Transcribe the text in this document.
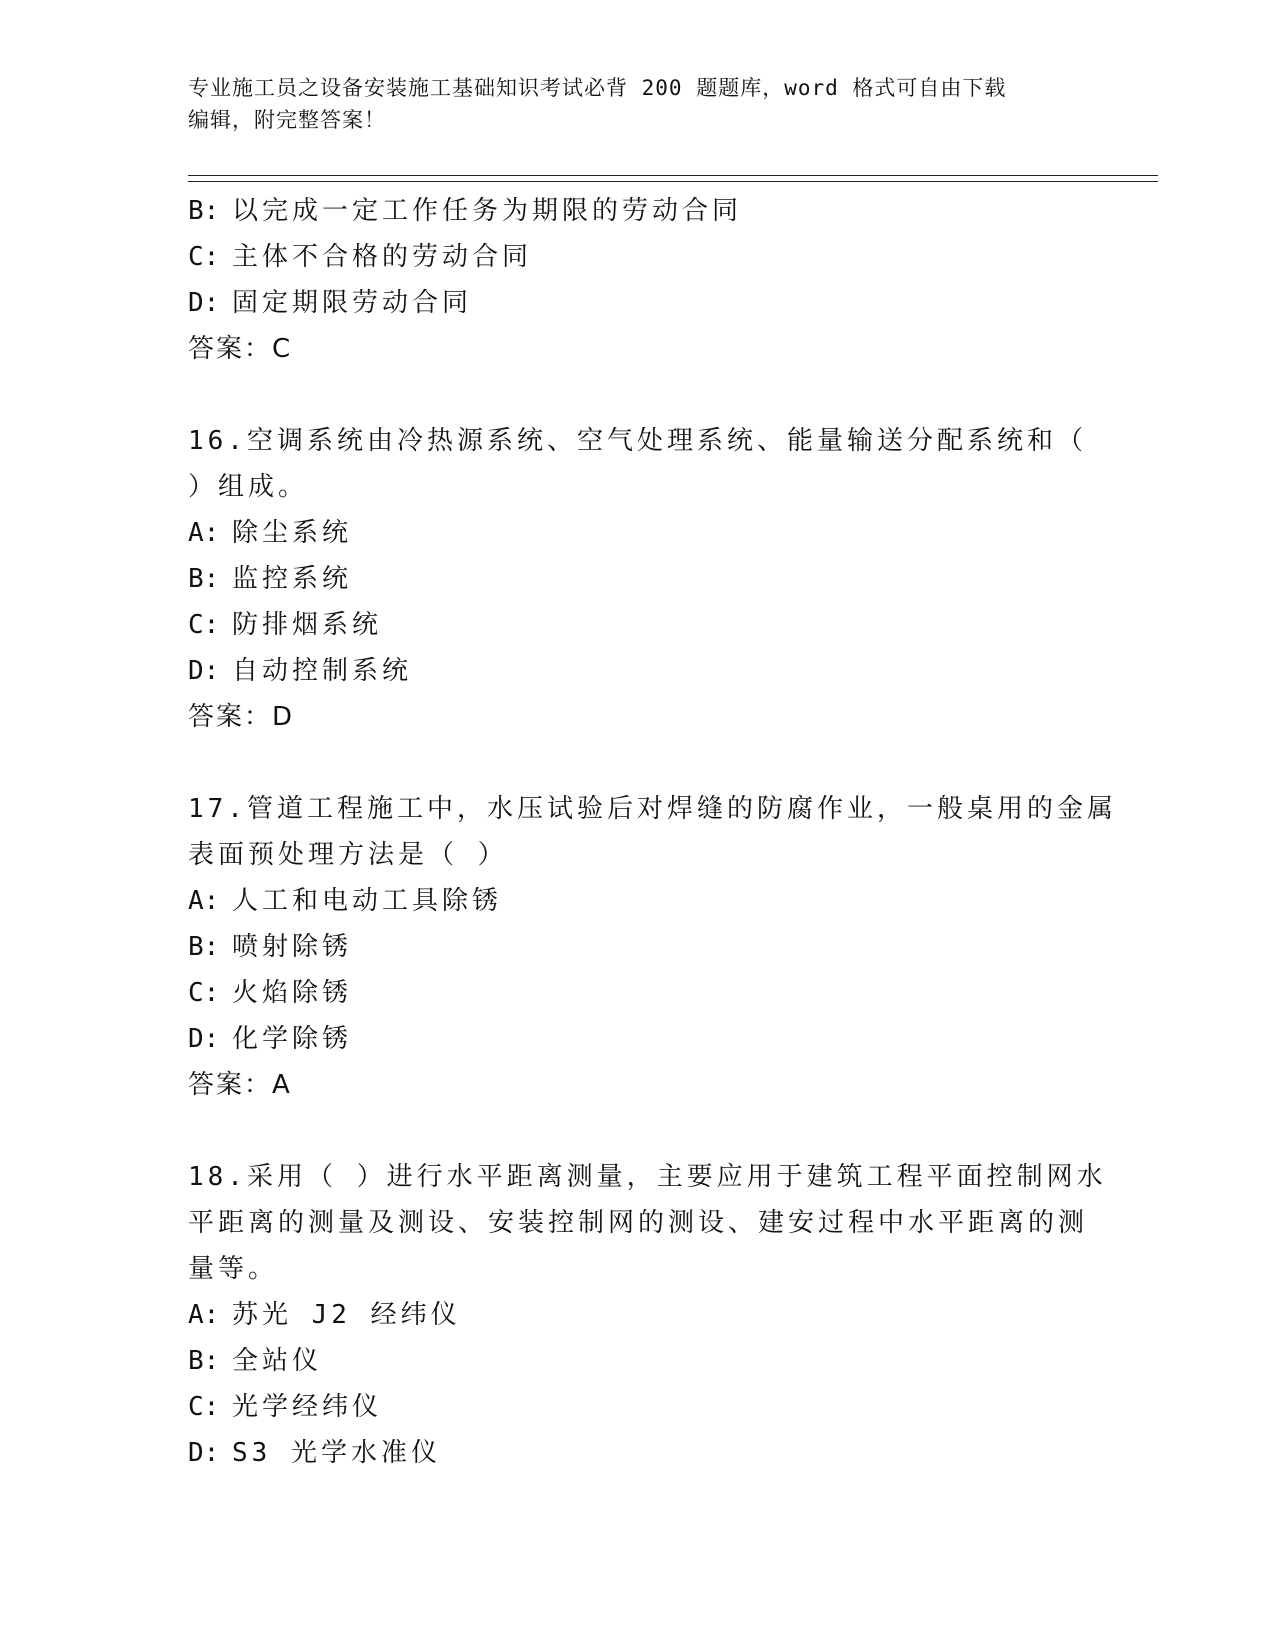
专业施工员之设备安装施工基础知识考试必背 200 题题库，word 格式可自由下载
编辑，附完整答案！
B: 以完成一定工作任务为期限的劳动合同
C: 主体不合格的劳动合同
D: 固定期限劳动合同
答案：C
16.空调系统由冷热源系统、空气处理系统、能量输送分配系统和（
）组成。
A: 除尘系统
B: 监控系统
C: 防排烟系统
D: 自动控制系统
答案：D
17.管道工程施工中，水压试验后对焊缝的防腐作业，一般桌用的金属
表面预处理方法是（ ）
A: 人工和电动工具除锈
B: 喷射除锈
C: 火焰除锈
D: 化学除锈
答案：A
18.采用（ ）进行水平距离测量，主要应用于建筑工程平面控制网水
平距离的测量及测设、安装控制网的测设、建安过程中水平距离的测
量等。
A: 苏光 J2 经纬仪
B: 全站仪
C: 光学经纬仪
D: S3 光学水准仪
